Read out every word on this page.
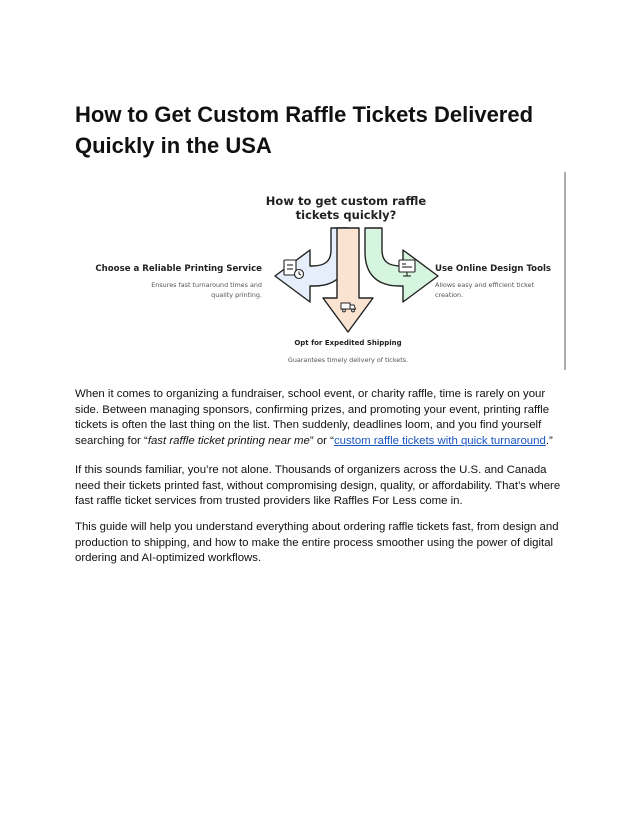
How to Get Custom Raffle Tickets Delivered Quickly in the USA
How to get custom raffle
tickets quickly?
Choose a Reliable Printing Service
Ensures fast turnaround times and
quality printing.
Use Online Design Tools
Allows easy and efficient ticket
creation.
Opt for Expedited Shipping
Guarantees timely delivery of tickets.

When it comes to organizing a fundraiser, school event, or charity raffle, time is rarely on your side. Between managing sponsors, confirming prizes, and promoting your event, printing raffle tickets is often the last thing on the list. Then suddenly, deadlines loom, and you find yourself searching for “fast raffle ticket printing near me” or “custom raffle tickets with quick turnaround.”

If this sounds familiar, you’re not alone. Thousands of organizers across the U.S. and Canada need their tickets printed fast, without compromising design, quality, or affordability. That’s where fast raffle ticket services from trusted providers like Raffles For Less come in.

This guide will help you understand everything about ordering raffle tickets fast, from design and production to shipping, and how to make the entire process smoother using the power of digital ordering and AI-optimized workflows.
